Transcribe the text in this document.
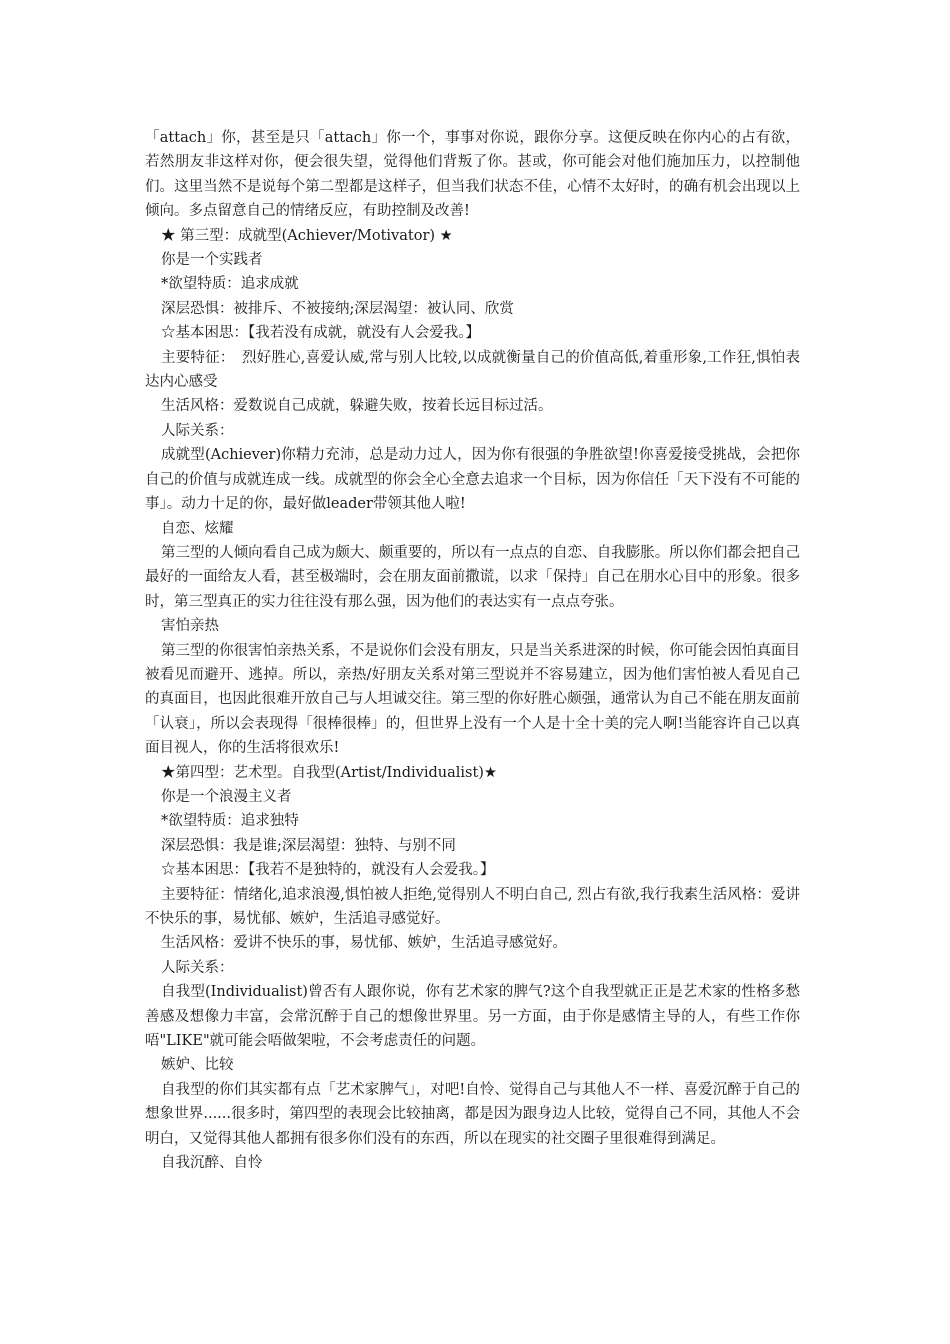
「attach」你，甚至是只「attach」你一个，事事对你说，跟你分享。这便反映在你内心的占有欲，若然朋友非这样对你，便会很失望，觉得他们背叛了你。甚或，你可能会对他们施加压力，以控制他们。这里当然不是说每个第二型都是这样子，但当我们状态不佳，心情不太好时，的确有机会出现以上倾向。多点留意自己的情绪反应，有助控制及改善!

★ 第三型：成就型(Achiever/Motivator) ★

你是一个实践者

*欲望特质：追求成就

深层恐惧：被排斥、不被接纳;深层渴望：被认同、欣赏

☆基本困思：【我若没有成就，就没有人会爱我。】

主要特征：　烈好胜心,喜爱认威,常与别人比较,以成就衡量自己的价值高低,着重形象,工作狂,惧怕表达内心感受

生活风格：爱数说自己成就，躲避失败，按着长远目标过活。

人际关系：

成就型(Achiever)你精力充沛，总是动力过人，因为你有很强的争胜欲望!你喜爱接受挑战，会把你自己的价值与成就连成一线。成就型的你会全心全意去追求一个目标，因为你信任「天下没有不可能的事」。动力十足的你，最好做leader带领其他人啦!

自恋、炫耀

第三型的人倾向看自己成为颇大、颇重要的，所以有一点点的自恋、自我膨胀。所以你们都会把自己最好的一面给友人看，甚至极端时，会在朋友面前撒谎，以求「保持」自己在朋水心目中的形象。很多时，第三型真正的实力往往没有那么强，因为他们的表达实有一点点夸张。

害怕亲热

第三型的你很害怕亲热关系，不是说你们会没有朋友，只是当关系进深的时候，你可能会因怕真面目被看见而避开、逃掉。所以，亲热/好朋友关系对第三型说并不容易建立，因为他们害怕被人看见自己的真面目，也因此很难开放自己与人坦诚交往。第三型的你好胜心颇强，通常认为自己不能在朋友面前「认衰」，所以会表现得「很棒很棒」的，但世界上没有一个人是十全十美的完人啊!当能容许自己以真面目视人，你的生活将很欢乐!

★第四型：艺术型。自我型(Artist/Individualist)★

你是一个浪漫主义者

*欲望特质：追求独特

深层恐惧：我是谁;深层渴望：独特、与别不同

☆基本困思：【我若不是独特的，就没有人会爱我。】

主要特征：情绪化,追求浪漫,惧怕被人拒绝,觉得别人不明白自己, 烈占有欲,我行我素生活风格：爱讲不快乐的事，易忧郁、嫉妒，生活追寻感觉好。

生活风格：爱讲不快乐的事，易忧郁、嫉妒，生活追寻感觉好。

人际关系：

自我型(Individualist)曾否有人跟你说，你有艺术家的脾气?这个自我型就正正是艺术家的性格多愁善感及想像力丰富，会常沉醉于自己的想像世界里。另一方面，由于你是感情主导的人，有些工作你唔"LIKE"就可能会唔做架啦，不会考虑责任的问题。

嫉妒、比较

自我型的你们其实都有点「艺术家脾气」，对吧!自怜、觉得自己与其他人不一样、喜爱沉醉于自己的想象世界......很多时，第四型的表现会比较抽离，都是因为跟身边人比较，觉得自己不同，其他人不会明白，又觉得其他人都拥有很多你们没有的东西，所以在现实的社交圈子里很难得到满足。

自我沉醉、自怜
